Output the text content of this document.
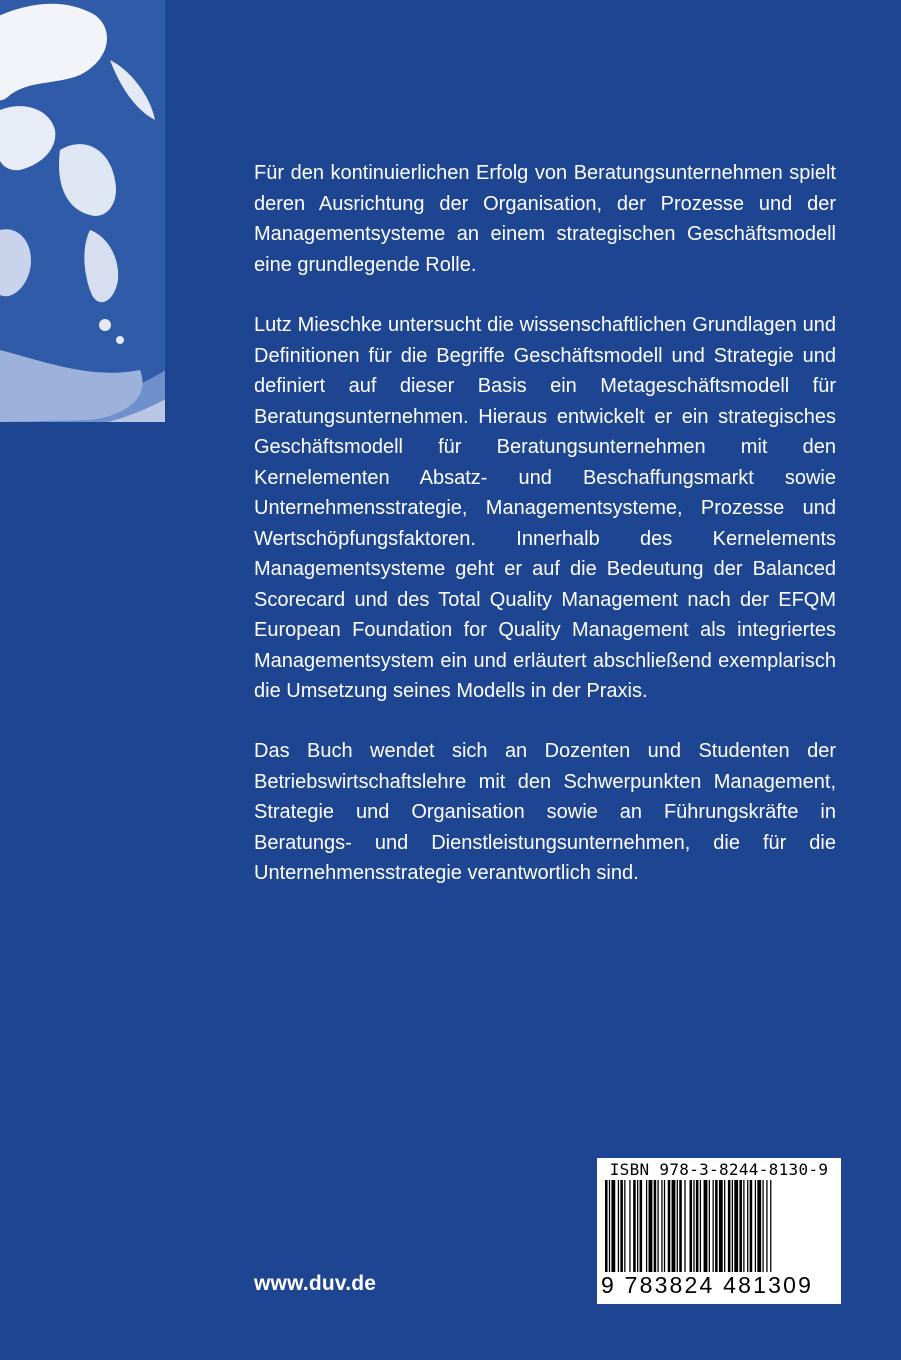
Für den kontinuierlichen Erfolg von Beratungsunternehmen spielt deren Ausrichtung der Organisation, der Prozesse und der Managementsysteme an einem strategischen Geschäftsmodell eine grundlegende Rolle.

Lutz Mieschke untersucht die wissenschaftlichen Grundlagen und Definitionen für die Begriffe Geschäftsmodell und Strategie und definiert auf dieser Basis ein Metageschäftsmodell für Beratungsunternehmen. Hieraus entwickelt er ein strategisches Geschäftsmodell für Beratungsunternehmen mit den Kernelementen Absatz- und Beschaffungsmarkt sowie Unternehmensstrategie, Managementsysteme, Prozesse und Wertschöpfungsfaktoren. Innerhalb des Kernelements Managementsysteme geht er auf die Bedeutung der Balanced Scorecard und des Total Quality Management nach der EFQM European Foundation for Quality Management als integriertes Managementsystem ein und erläutert abschließend exemplarisch die Umsetzung seines Modells in der Praxis.

Das Buch wendet sich an Dozenten und Studenten der Betriebswirtschaftslehre mit den Schwerpunkten Management, Strategie und Organisation sowie an Führungskräfte in Beratungs- und Dienstleistungsunternehmen, die für die Unternehmensstrategie verantwortlich sind.

www.duv.de
ISBN 978-3-8244-8130-9
9 783824 481309
